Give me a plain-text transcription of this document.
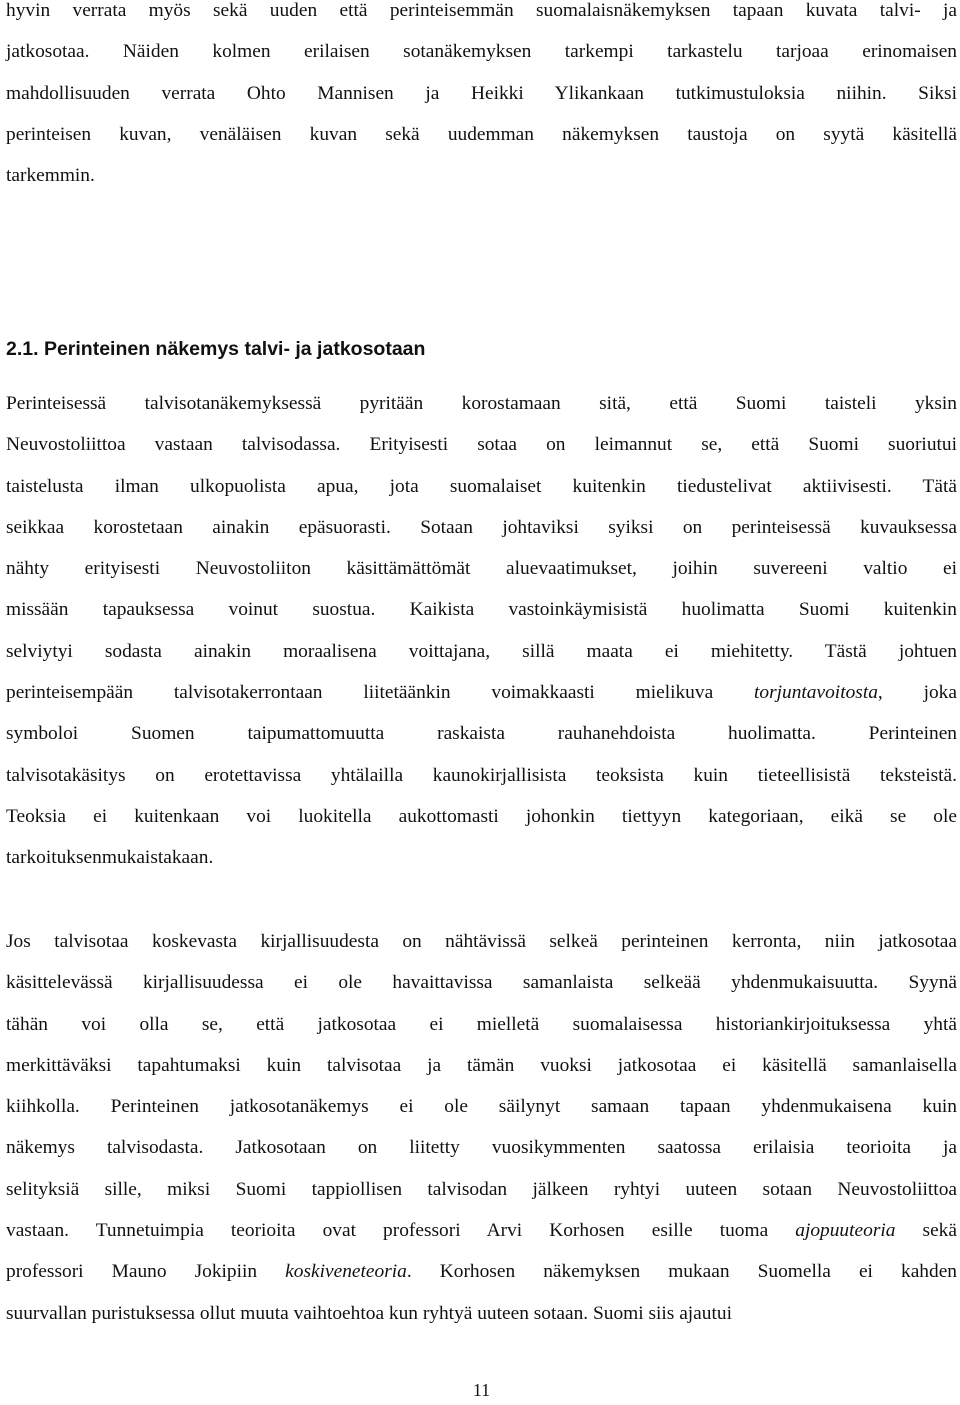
hyvin verrata myös sekä uuden että perinteisemmän suomalaisnäkemyksen tapaan kuvata talvi- ja
jatkosotaa. Näiden kolmen erilaisen sotanäkemyksen tarkempi tarkastelu tarjoaa erinomaisen
mahdollisuuden verrata Ohto Mannisen ja Heikki Ylikankaan tutkimustuloksia niihin. Siksi
perinteisen kuvan, venäläisen kuvan sekä uudemman näkemyksen taustoja on syytä käsitellä
tarkemmin.
2.1. Perinteinen näkemys talvi- ja jatkosotaan
Perinteisessä talvisotanäkemyksessä pyritään korostamaan sitä, että Suomi taisteli yksin
Neuvostoliittoa vastaan talvisodassa. Erityisesti sotaa on leimannut se, että Suomi suoriutui
taistelusta ilman ulkopuolista apua, jota suomalaiset kuitenkin tiedustelivat aktiivisesti. Tätä
seikkaa korostetaan ainakin epäsuorasti. Sotaan johtaviksi syiksi on perinteisessä kuvauksessa
nähty erityisesti Neuvostoliiton käsittämättömät aluevaatimukset, joihin suvereeni valtio ei
missään tapauksessa voinut suostua. Kaikista vastoinkäymisistä huolimatta Suomi kuitenkin
selviytyi sodasta ainakin moraalisena voittajana, sillä maata ei miehitetty. Tästä johtuen
perinteisempään talvisotakerrontaan liitetäänkin voimakkaasti mielikuva torjuntavoitosta, joka
symboloi Suomen taipumattomuutta raskaista rauhanehdoista huolimatta. Perinteinen
talvisotakäsitys on erotettavissa yhtälailla kaunokirjallisista teoksista kuin tieteellisistä teksteistä.
Teoksia ei kuitenkaan voi luokitella aukottomasti johonkin tiettyyn kategoriaan, eikä se ole
tarkoituksenmukaistakaan.
Jos talvisotaa koskevasta kirjallisuudesta on nähtävissä selkeä perinteinen kerronta, niin jatkosotaa
käsittelevässä kirjallisuudessa ei ole havaittavissa samanlaista selkeää yhdenmukaisuutta. Syynä
tähän voi olla se, että jatkosotaa ei mielletä suomalaisessa historiankirjoituksessa yhtä
merkittäväksi tapahtumaksi kuin talvisotaa ja tämän vuoksi jatkosotaa ei käsitellä samanlaisella
kiihkolla. Perinteinen jatkosotanäkemys ei ole säilynyt samaan tapaan yhdenmukaisena kuin
näkemys talvisodasta. Jatkosotaan on liitetty vuosikymmenten saatossa erilaisia teorioita ja
selityksiä sille, miksi Suomi tappiollisen talvisodan jälkeen ryhtyi uuteen sotaan Neuvostoliittoa
vastaan. Tunnetuimpia teorioita ovat professori Arvi Korhosen esille tuoma ajopuuteoria sekä
professori Mauno Jokipiin koskiveneteoria. Korhosen näkemyksen mukaan Suomella ei kahden
suurvallan puristuksessa ollut muuta vaihtoehtoa kun ryhtyä uuteen sotaan. Suomi siis ajautui
11
